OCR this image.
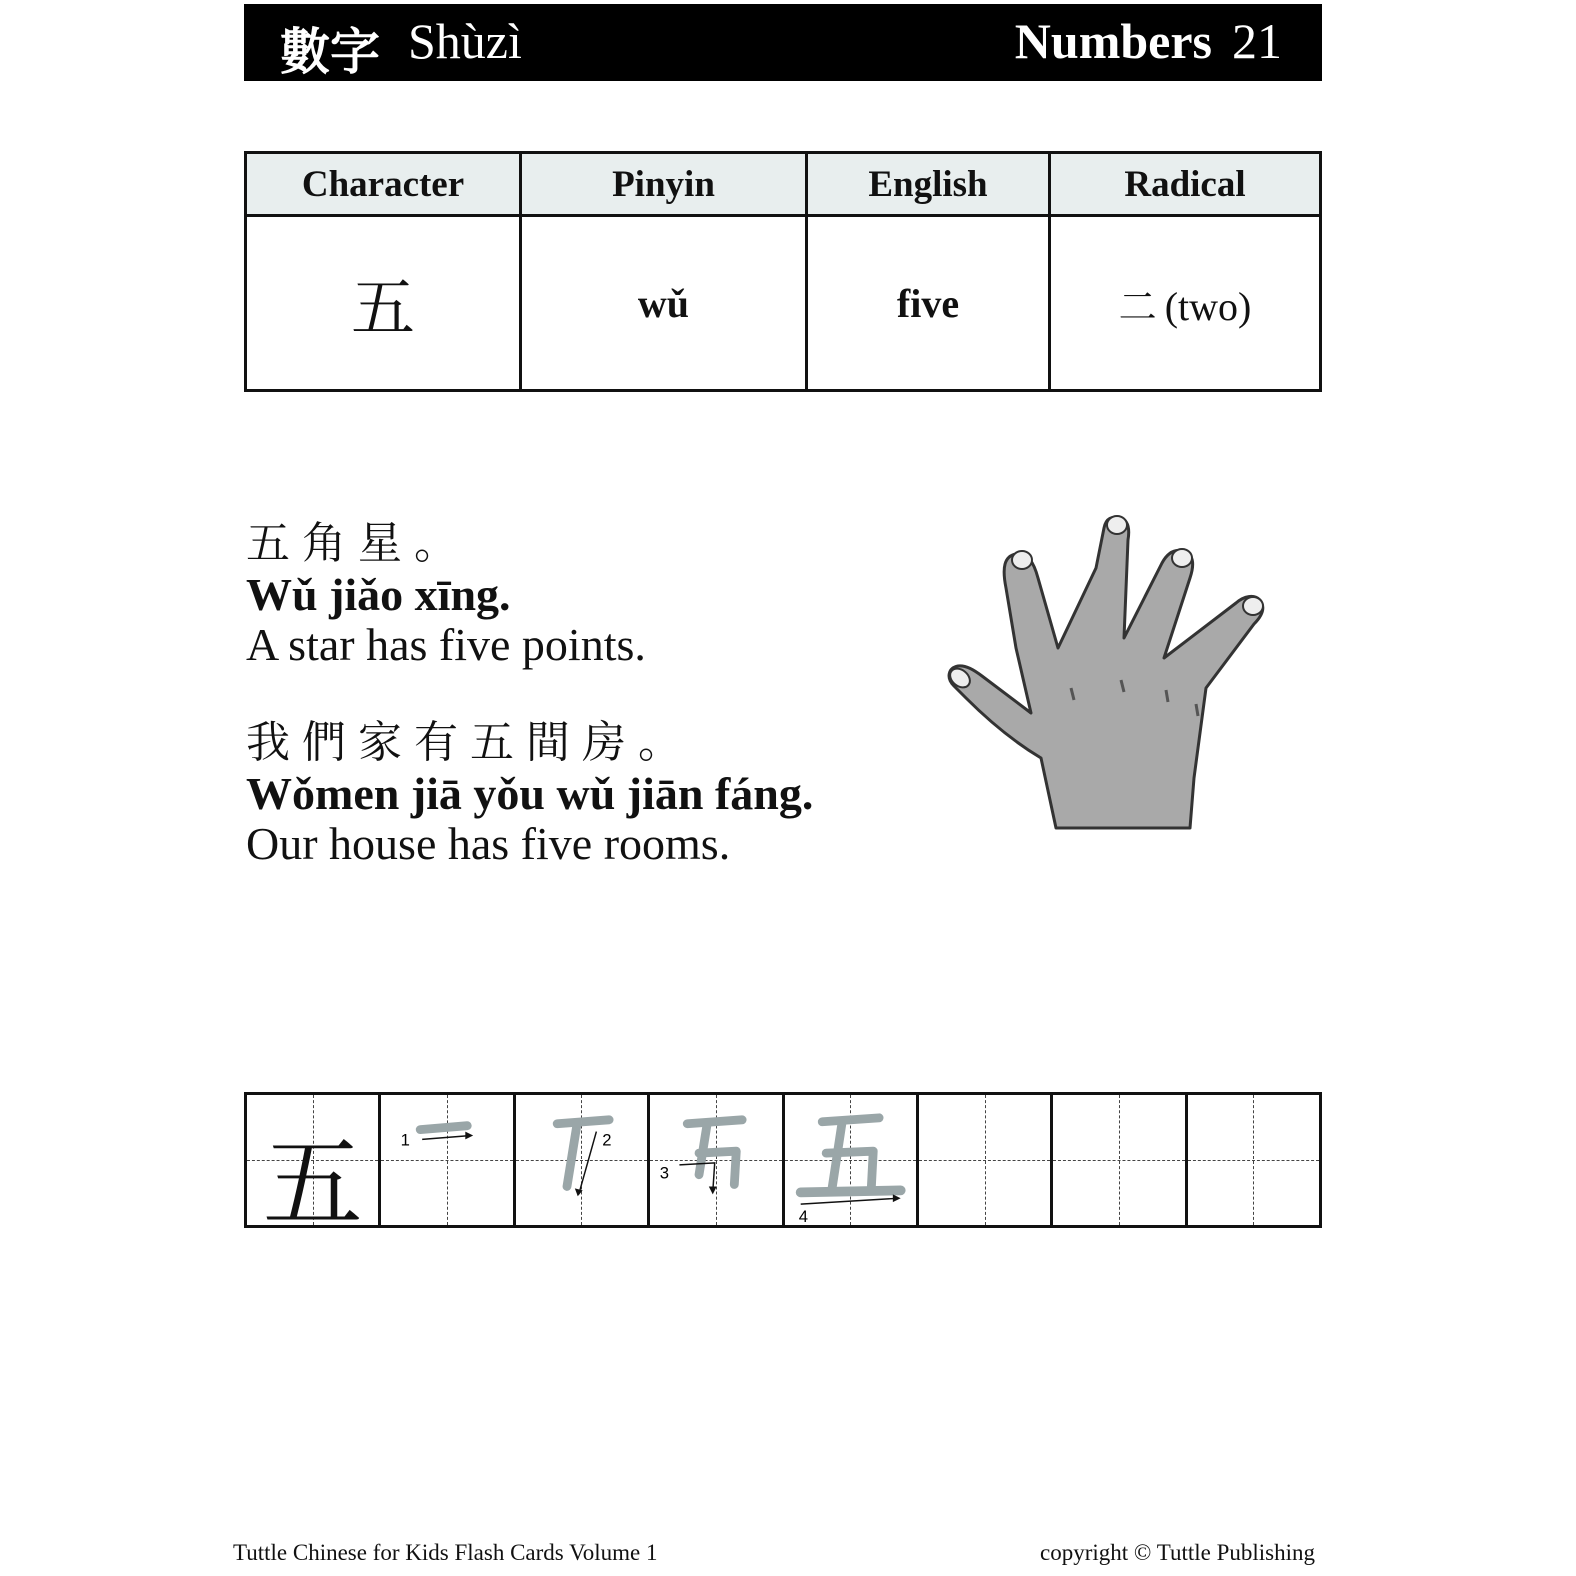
數字 Shùzì	Numbers 21
Character	Pinyin	English	Radical
五	wǔ	five	二 (two)
五角星。
Wǔ jiǎo xīng.
A star has five points.
我們家有五間房。
Wǒmen jiā yǒu wǔ jiān fáng.
Our house has five rooms.
五	1	2
3
4
Tuttle Chinese for Kids Flash Cards Volume 1	copyright © Tuttle Publishing
